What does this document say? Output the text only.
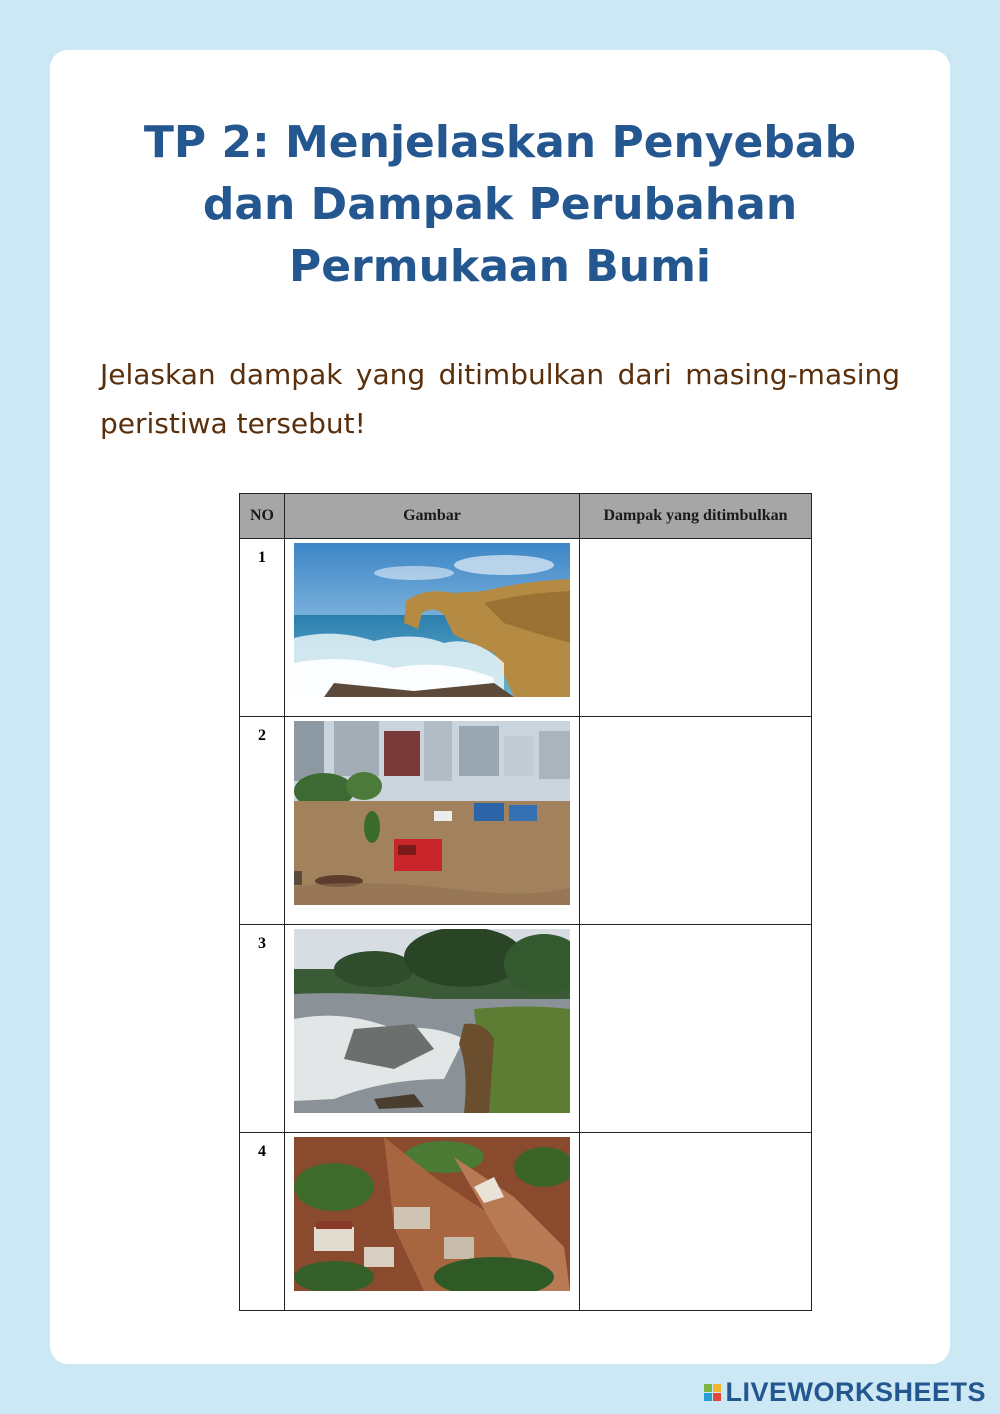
TP 2: Menjelaskan Penyebab dan Dampak Perubahan Permukaan Bumi

Jelaskan dampak yang ditimbulkan dari masing-masing peristiwa tersebut!

NO	Gambar	Dampak yang ditimbulkan
1	

2	

3	

4	

LIVEWORKSHEETS
